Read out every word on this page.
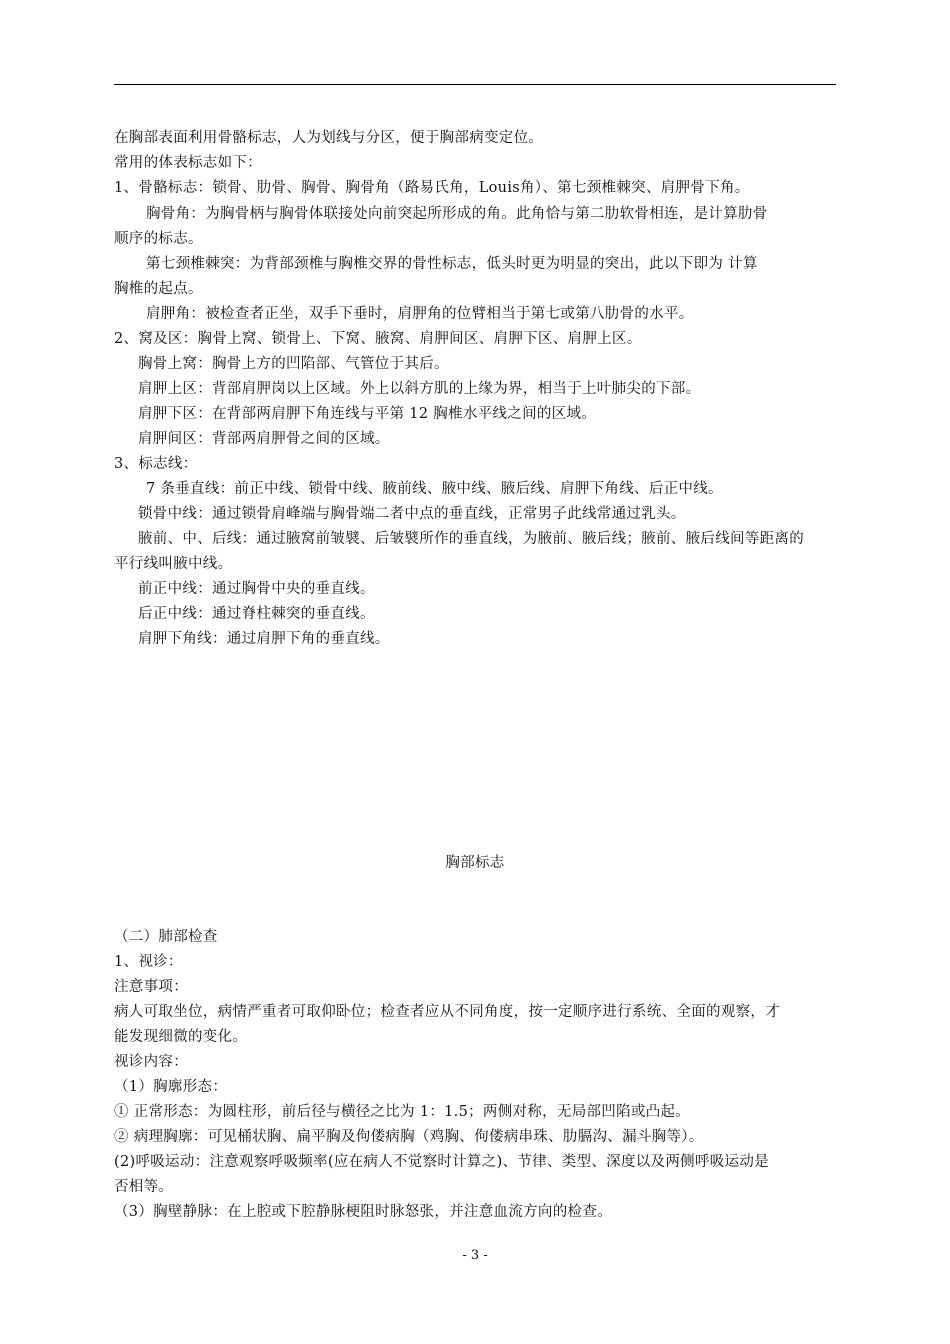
在胸部表面利用骨骼标志，人为划线与分区，便于胸部病变定位。
常用的体表标志如下：
1、骨骼标志：锁骨、肋骨、胸骨、胸骨角（路易氏角，Louis角）、第七颈椎棘突、肩胛骨下角。
胸骨角：为胸骨柄与胸骨体联接处向前突起所形成的角。此角恰与第二肋软骨相连，是计算肋骨
顺序的标志。
第七颈椎棘突：为背部颈椎与胸椎交界的骨性标志，低头时更为明显的突出，此以下即为 计算
胸椎的起点。
肩胛角：被检查者正坐，双手下垂时，肩胛角的位臂相当于第七或第八肋骨的水平。
2、窝及区：胸骨上窝、锁骨上、下窝、腋窝、肩胛间区、肩胛下区、肩胛上区。
胸骨上窝：胸骨上方的凹陷部、气管位于其后。
肩胛上区：背部肩胛岗以上区域。外上以斜方肌的上缘为界，相当于上叶肺尖的下部。
肩胛下区：在背部两肩胛下角连线与平第 12 胸椎水平线之间的区域。
肩胛间区：背部两肩胛骨之间的区域。
3、标志线：
7 条垂直线：前正中线、锁骨中线、腋前线、腋中线、腋后线、肩胛下角线、后正中线。
锁骨中线：通过锁骨肩峰端与胸骨端二者中点的垂直线，正常男子此线常通过乳头。
腋前、中、后线：通过腋窝前皱襞、后皱襞所作的垂直线，为腋前、腋后线；腋前、腋后线间等距离的
平行线叫腋中线。
前正中线：通过胸骨中央的垂直线。
后正中线：通过脊柱棘突的垂直线。
肩胛下角线：通过肩胛下角的垂直线。
胸部标志
（二）肺部检查
1、视诊：
注意事项：
病人可取坐位，病情严重者可取仰卧位；检查者应从不同角度，按一定顺序进行系统、全面的观察，才
能发现细微的变化。
视诊内容：
（1）胸廓形态：
① 正常形态：为圆柱形，前后径与横径之比为 1：1.5；两侧对称，无局部凹陷或凸起。
② 病理胸廓：可见桶状胸、扁平胸及佝偻病胸（鸡胸、佝偻病串珠、肋膈沟、漏斗胸等）。
(2)呼吸运动：注意观察呼吸频率(应在病人不觉察时计算之)、节律、类型、深度以及两侧呼吸运动是
否相等。
（3）胸壁静脉：在上腔或下腔静脉梗阻时脉怒张，并注意血流方向的检查。
- 3 -
